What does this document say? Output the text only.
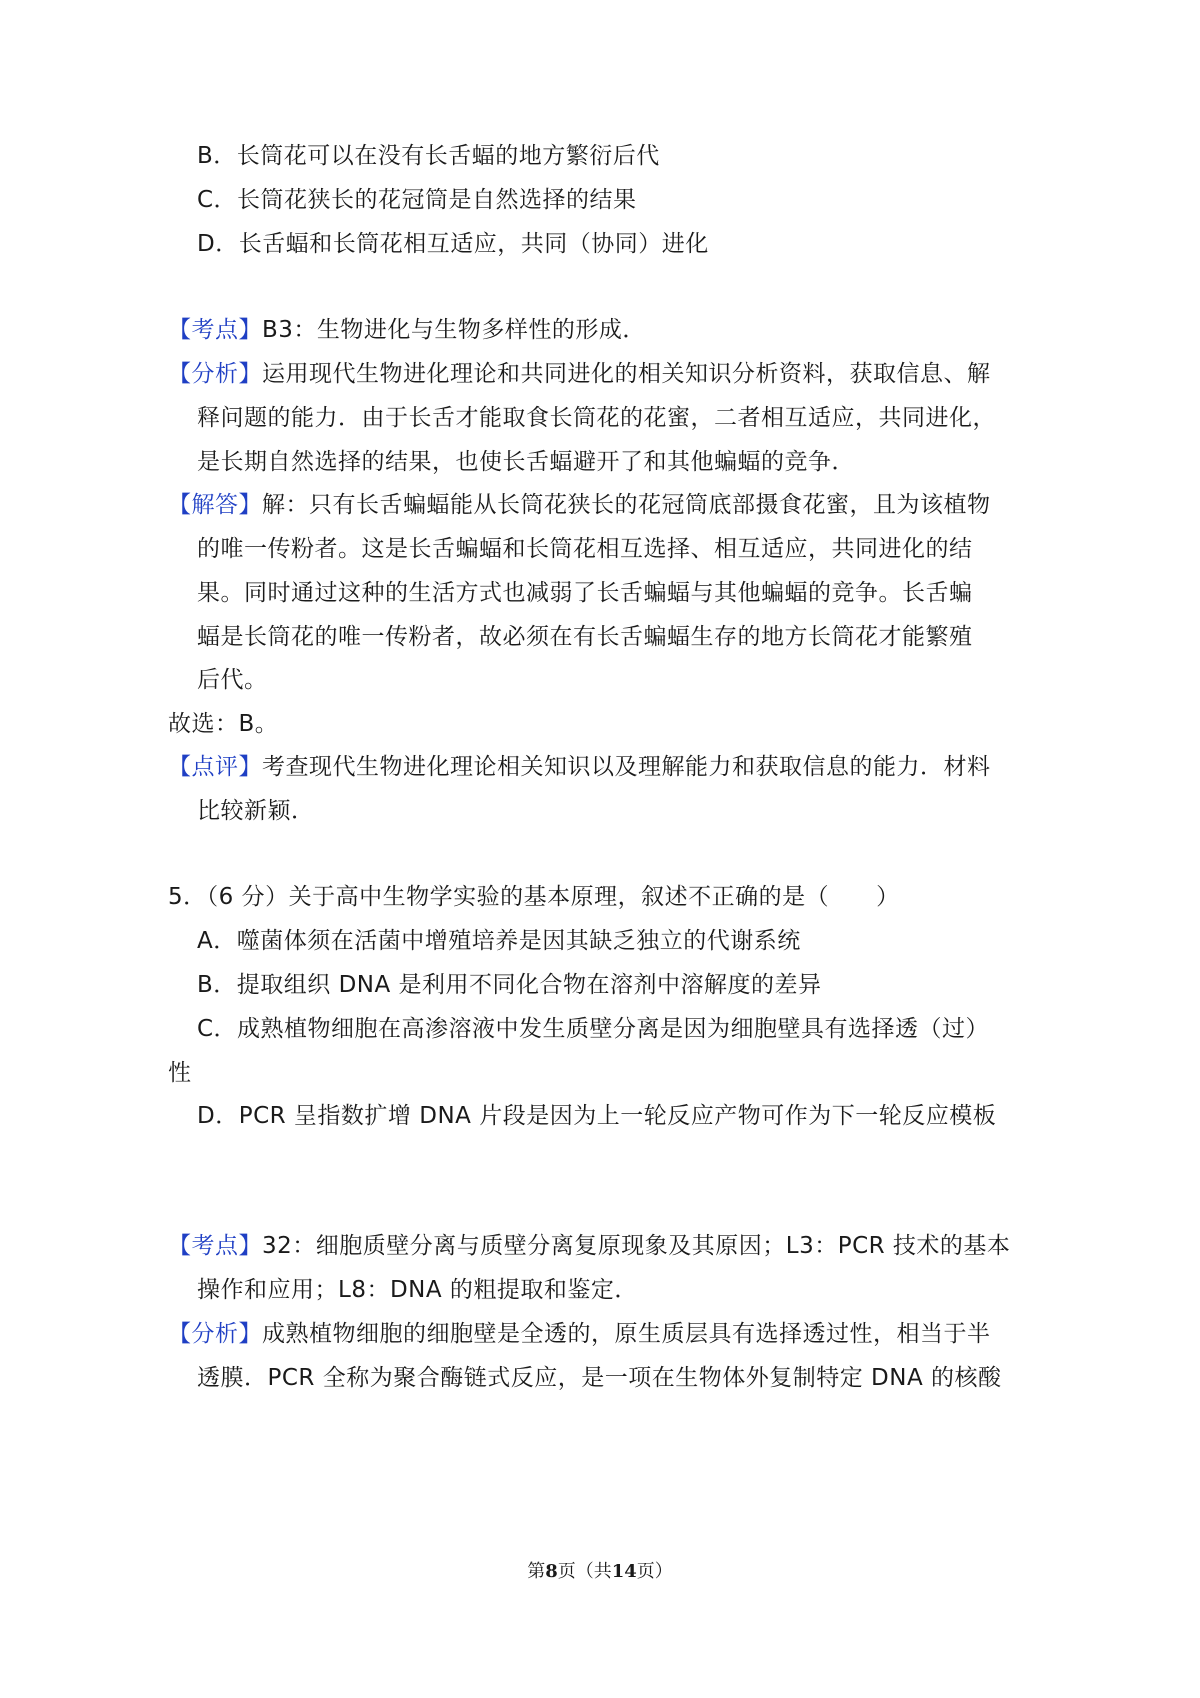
B．长筒花可以在没有长舌蝠的地方繁衍后代
C．长筒花狭长的花冠筒是自然选择的结果
D．长舌蝠和长筒花相互适应，共同（协同）进化
【考点】B3：生物进化与生物多样性的形成．
【分析】运用现代生物进化理论和共同进化的相关知识分析资料，获取信息、解
释问题的能力．由于长舌才能取食长筒花的花蜜，二者相互适应，共同进化，
是长期自然选择的结果，也使长舌蝠避开了和其他蝙蝠的竞争．
【解答】解：只有长舌蝙蝠能从长筒花狭长的花冠筒底部摄食花蜜，且为该植物
的唯一传粉者。这是长舌蝙蝠和长筒花相互选择、相互适应，共同进化的结
果。同时通过这种的生活方式也减弱了长舌蝙蝠与其他蝙蝠的竞争。长舌蝙
蝠是长筒花的唯一传粉者，故必须在有长舌蝙蝠生存的地方长筒花才能繁殖
后代。
故选：B。
【点评】考查现代生物进化理论相关知识以及理解能力和获取信息的能力．材料
比较新颖．
5．（6 分）关于高中生物学实验的基本原理，叙述不正确的是（　　）
A．噬菌体须在活菌中增殖培养是因其缺乏独立的代谢系统
B．提取组织 DNA 是利用不同化合物在溶剂中溶解度的差异
C．成熟植物细胞在高渗溶液中发生质壁分离是因为细胞壁具有选择透（过）
性
D．PCR 呈指数扩增 DNA 片段是因为上一轮反应产物可作为下一轮反应模板
【考点】32：细胞质壁分离与质壁分离复原现象及其原因；L3：PCR 技术的基本
操作和应用；L8：DNA 的粗提取和鉴定．
【分析】成熟植物细胞的细胞壁是全透的，原生质层具有选择透过性，相当于半
透膜．PCR 全称为聚合酶链式反应，是一项在生物体外复制特定 DNA 的核酸
第8页（共14页）
